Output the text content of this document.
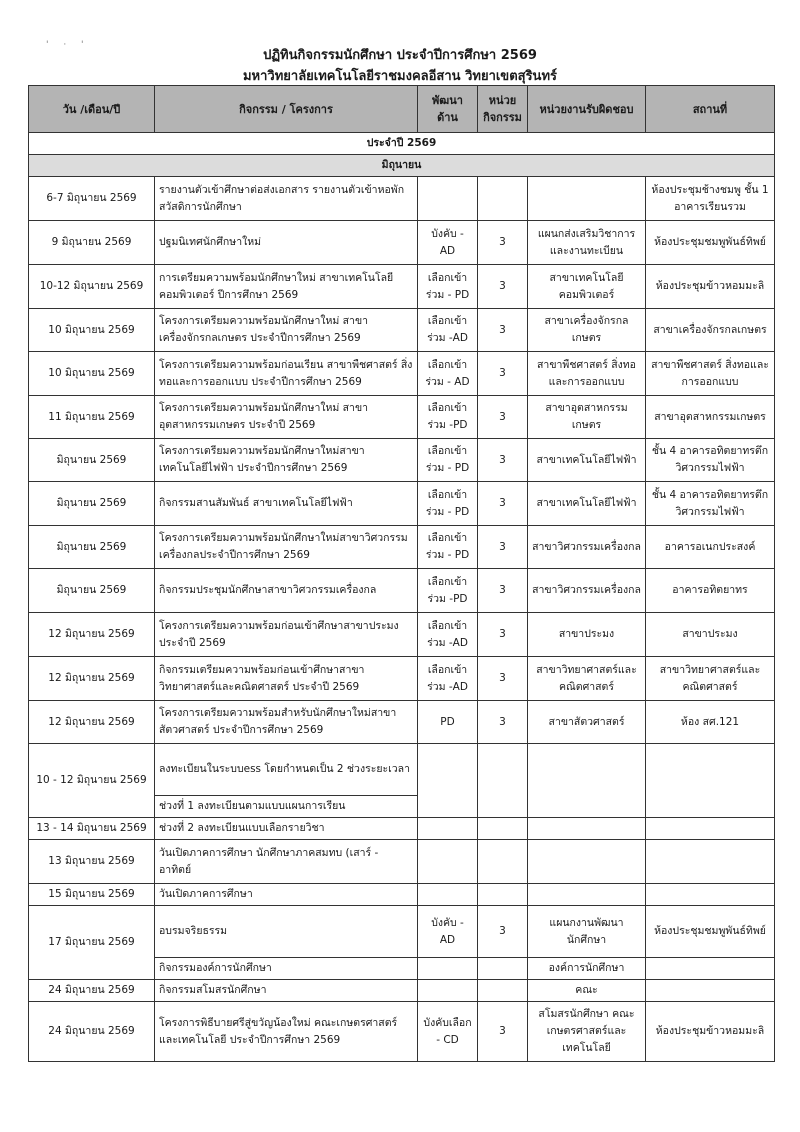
' · '
ปฏิทินกิจกรรมนักศึกษา ประจำปีการศึกษา 2569
มหาวิทยาลัยเทคโนโลยีราชมงคลอีสาน วิทยาเขตสุรินทร์
วัน /เดือน/ปี	กิจกรรม / โครงการ	พัฒนาด้าน	หน่วย กิจกรรม	หน่วยงานรับผิดชอบ	สถานที่
ประจำปี 2569					
มิถุนายน					
6-7 มิถุนายน 2569	รายงานตัวเข้าศึกษาต่อส่งเอกสาร รายงานตัวเข้าหอพัก สวัสดิการนักศึกษา				ห้องประชุมช้างชมพู ชั้น 1 อาคารเรียนรวม
9 มิถุนายน 2569	ปฐมนิเทศนักศึกษาใหม่	บังคับ - AD	3	แผนกส่งเสริมวิชาการ และงานทะเบียน	ห้องประชุมชมพูพันธ์ทิพย์
10-12 มิถุนายน 2569	การเตรียมความพร้อมนักศึกษาใหม่ สาขาเทคโนโลยีคอมพิวเตอร์ ปีการศึกษา 2569	เลือกเข้าร่วม - PD	3	สาขาเทคโนโลยีคอมพิวเตอร์	ห้องประชุมข้าวหอมมะลิ
10 มิถุนายน 2569	โครงการเตรียมความพร้อมนักศึกษาใหม่ สาขาเครื่องจักรกลเกษตร ประจำปีการศึกษา 2569	เลือกเข้าร่วม -AD	3	สาขาเครื่องจักรกลเกษตร	สาขาเครื่องจักรกลเกษตร
10 มิถุนายน 2569	โครงการเตรียมความพร้อมก่อนเรียน สาขาพืชศาสตร์ สิ่งทอและการออกแบบ ประจำปีการศึกษา 2569	เลือกเข้าร่วม - AD	3	สาขาพืชศาสตร์ สิ่งทอและการออกแบบ	สาขาพืชศาสตร์ สิ่งทอและการออกแบบ
11 มิถุนายน 2569	โครงการเตรียมความพร้อมนักศึกษาใหม่ สาขาอุตสาหกรรมเกษตร ประจำปี 2569	เลือกเข้าร่วม -PD	3	สาขาอุตสาหกรรมเกษตร	สาขาอุตสาหกรรมเกษตร
มิถุนายน 2569	โครงการเตรียมความพร้อมนักศึกษาใหม่สาขาเทคโนโลยีไฟฟ้า ประจำปีการศึกษา 2569	เลือกเข้าร่วม - PD	3	สาขาเทคโนโลยีไฟฟ้า	ชั้น 4 อาคารอทิตยาทรตึกวิศวกรรมไฟฟ้า
มิถุนายน 2569	กิจกรรมสานสัมพันธ์ สาขาเทคโนโลยีไฟฟ้า	เลือกเข้าร่วม - PD	3	สาขาเทคโนโลยีไฟฟ้า	ชั้น 4 อาคารอทิตยาทรตึกวิศวกรรมไฟฟ้า
มิถุนายน 2569	โครงการเตรียมความพร้อมนักศึกษาใหม่สาขาวิศวกรรมเครื่องกลประจำปีการศึกษา 2569	เลือกเข้าร่วม - PD	3	สาขาวิศวกรรมเครื่องกล	อาคารอเนกประสงค์
มิถุนายน 2569	กิจกรรมประชุมนักศึกษาสาขาวิศวกรรมเครื่องกล	เลือกเข้าร่วม -PD	3	สาขาวิศวกรรมเครื่องกล	อาคารอทิตยาทร
12 มิถุนายน 2569	โครงการเตรียมความพร้อมก่อนเข้าศึกษาสาขาประมงประจำปี 2569	เลือกเข้าร่วม -AD	3	สาขาประมง	สาขาประมง
12 มิถุนายน 2569	กิจกรรมเตรียมความพร้อมก่อนเข้าศึกษาสาขาวิทยาศาสตร์และคณิตศาสตร์ ประจำปี 2569	เลือกเข้าร่วม -AD	3	สาขาวิทยาศาสตร์และคณิตศาสตร์	สาขาวิทยาศาสตร์และคณิตศาสตร์
12 มิถุนายน 2569	โครงการเตรียมความพร้อมสำหรับนักศึกษาใหม่สาขาสัตวศาสตร์ ประจำปีการศึกษา 2569	PD	3	สาขาสัตวศาสตร์	ห้อง สศ.121
10 - 12 มิถุนายน 2569	ลงทะเบียนในระบบess โดยกำหนดเป็น 2 ช่วงระยะเวลา				
	ช่วงที่ 1 ลงทะเบียนตามแบบแผนการเรียน				
13 - 14 มิถุนายน 2569	ช่วงที่ 2 ลงทะเบียนแบบเลือกรายวิชา				
13 มิถุนายน 2569	วันเปิดภาคการศึกษา นักศึกษาภาคสมทบ (เสาร์ - อาทิตย์				
15 มิถุนายน 2569	วันเปิดภาคการศึกษา				
17 มิถุนายน 2569	อบรมจริยธรรม	บังคับ - AD	3	แผนกงานพัฒนานักศึกษา	ห้องประชุมชมพูพันธ์ทิพย์
	กิจกรรมองค์การนักศึกษา			องค์การนักศึกษา	
24 มิถุนายน 2569	กิจกรรมสโมสรนักศึกษา			คณะ	
24 มิถุนายน 2569	โครงการพิธีบายศรีสู่ขวัญน้องใหม่ คณะเกษตรศาสตร์และเทคโนโลยี ประจำปีการศึกษา 2569	บังคับเลือก - CD	3	สโมสรนักศึกษา คณะเกษตรศาสตร์และเทคโนโลยี	ห้องประชุมข้าวหอมมะลิ
